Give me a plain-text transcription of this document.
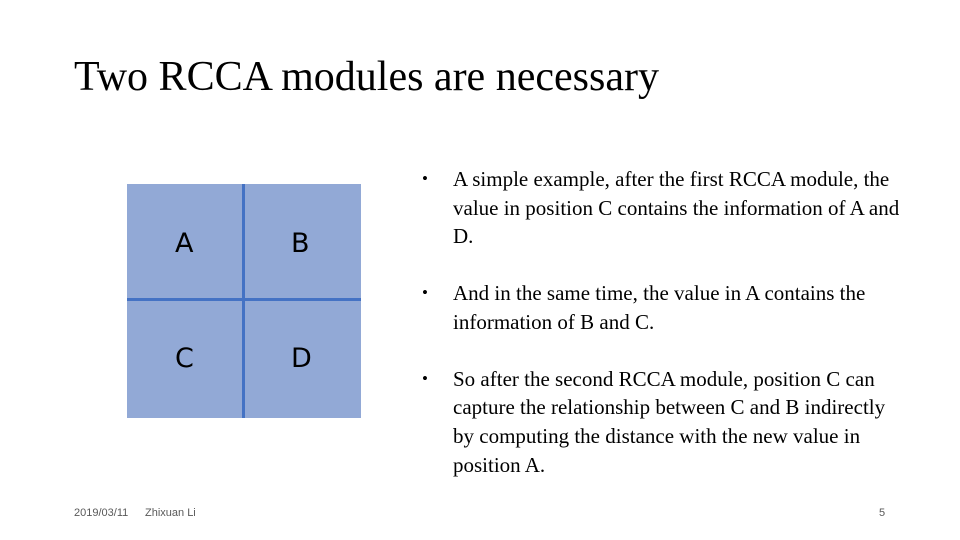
Two RCCA modules are necessary
A	B
C	D
• A simple example, after the first RCCA module, the value in position C contains the information of A and D.
• And in the same time, the value in A contains the information of B and C.
• So after the second RCCA module, position C can capture the relationship between C and B indirectly by computing the distance with the new value in position A.
2019/03/11 Zhixuan Li	5
